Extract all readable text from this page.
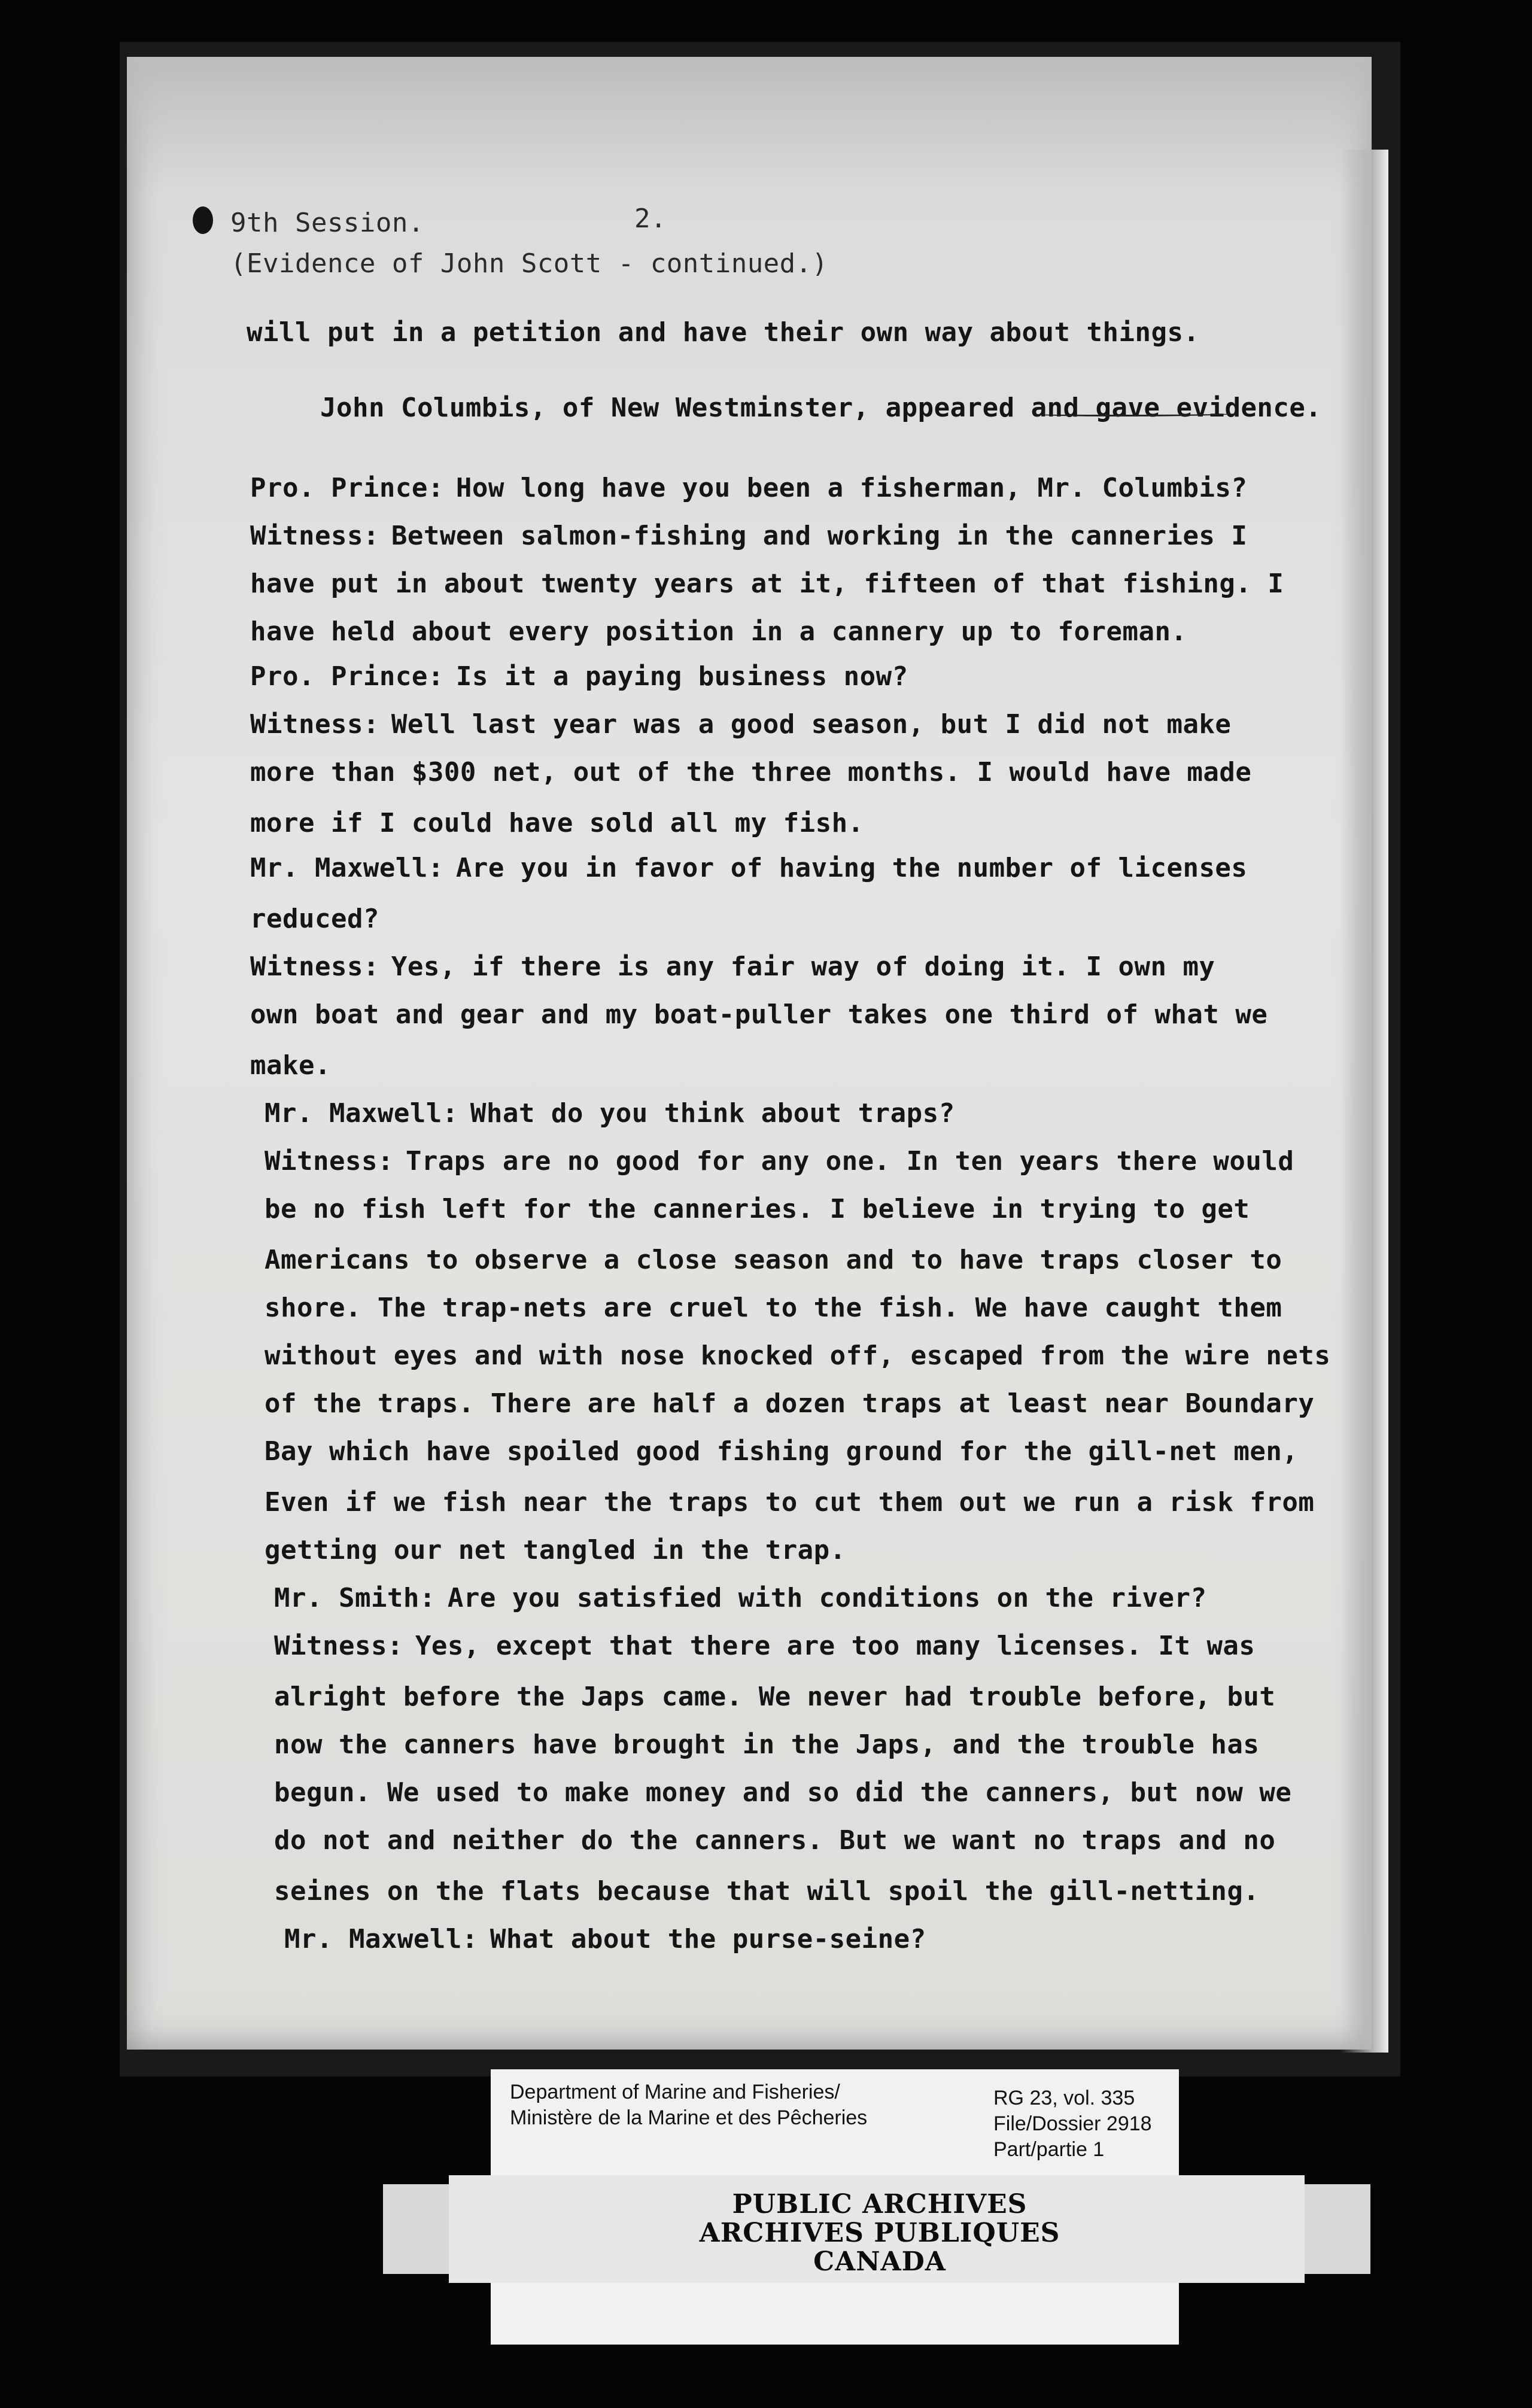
9th Session.	2.
(Evidence of John Scott - continued.)
will put in a petition and have their own way about things.
John Columbis, of New Westminster, appeared and gave evidence.
Pro. Prince: How long have you been a fisherman, Mr. Columbis?
Witness: Between salmon-fishing and working in the canneries I
have put in about twenty years at it, fifteen of that fishing. I
have held about every position in a cannery up to foreman.
Pro. Prince: Is it a paying business now?
Witness: Well last year was a good season, but I did not make
more than $300 net, out of the three months. I would have made
more if I could have sold all my fish.
Mr. Maxwell: Are you in favor of having the number of licenses
reduced?
Witness: Yes, if there is any fair way of doing it. I own my
own boat and gear and my boat-puller takes one third of what we
make.
Mr. Maxwell: What do you think about traps?
Witness: Traps are no good for any one. In ten years there would
be no fish left for the canneries. I believe in trying to get
Americans to observe a close season and to have traps closer to
shore. The trap-nets are cruel to the fish. We have caught them
without eyes and with nose knocked off, escaped from the wire nets
of the traps. There are half a dozen traps at least near Boundary
Bay which have spoiled good fishing ground for the gill-net men,
Even if we fish near the traps to cut them out we run a risk from
getting our net tangled in the trap.
Mr. Smith: Are you satisfied with conditions on the river?
Witness: Yes, except that there are too many licenses. It was
alright before the Japs came. We never had trouble before, but
now the canners have brought in the Japs, and the trouble has
begun. We used to make money and so did the canners, but now we
do not and neither do the canners. But we want no traps and no
seines on the flats because that will spoil the gill-netting.
Mr. Maxwell: What about the purse-seine?
Department of Marine and Fisheries/
Ministère de la Marine et des Pêcheries
RG 23, vol. 335
File/Dossier 2918
Part/partie 1
PUBLIC ARCHIVES
ARCHIVES PUBLIQUES
CANADA
